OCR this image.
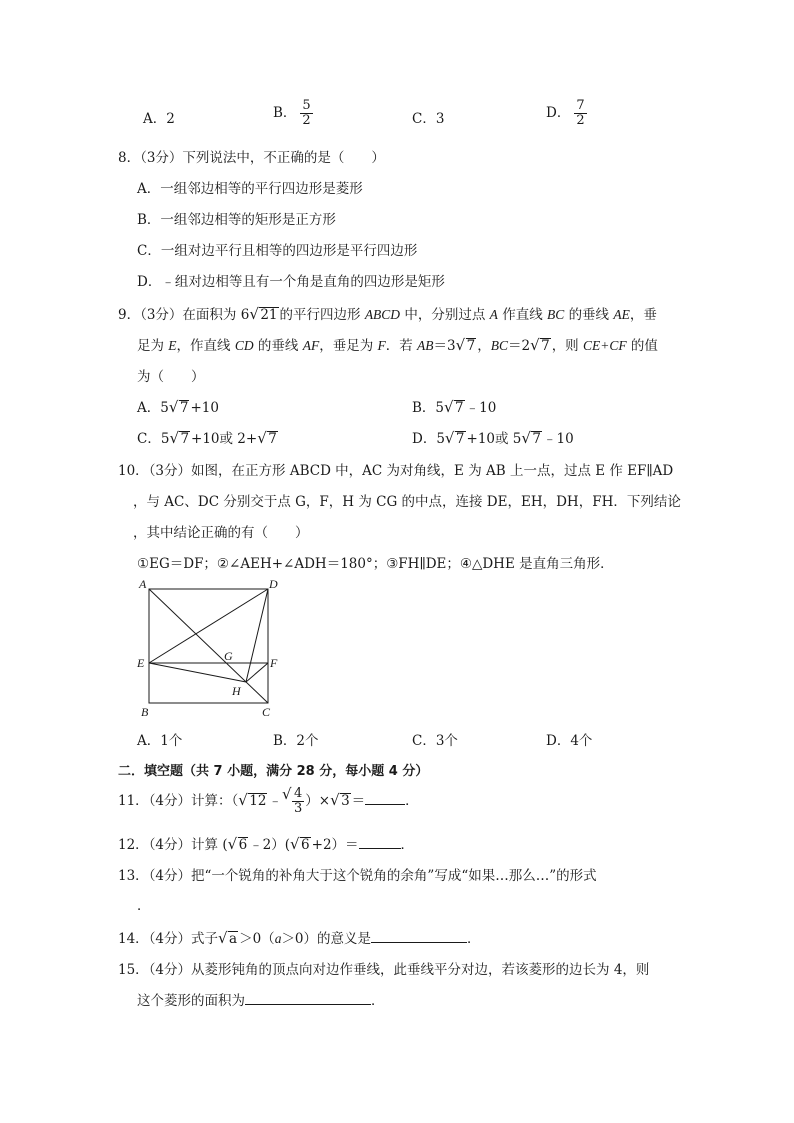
A．2	B． $\frac{5}{2}$	C．3	D． $\frac{7}{2}$
8．（3分）下列说法中，不正确的是（　　）
A．一组邻边相等的平行四边形是菱形
B．一组邻边相等的矩形是正方形
C．一组对边平行且相等的四边形是平行四边形
D．﹣组对边相等且有一个角是直角的四边形是矩形
9．（3分）在面积为 6 √ 21 的平行四边形 ABCD 中，分别过点 A 作直线 BC 的垂线 AE，垂
足为 E，作直线 CD 的垂线 AF，垂足为 F．若 AB＝3 √ 7 ，BC＝2 √ 7 ，则 CE+CF 的值
为（　　）
A．5 √ 7 +10	B．5 √ 7 ﹣10
C．5 √ 7 +10或 2+ √ 7	D．5 √ 7 +10或 5 √ 7 ﹣10
10．（3分）如图，在正方形 ABCD 中，AC 为对角线，E 为 AB 上一点，过点 E 作 EF∥AD
，与 AC、DC 分别交于点 G，F，H 为 CG 的中点，连接 DE，EH，DH，FH．下列结论
，其中结论正确的有（　　）
①EG＝DF；②∠AEH+∠ADH＝180°；③FH∥DE；④△DHE 是直角三角形．
A	D
E	G	F
H
B	C
A．1个	B．2个	C．3个	D．4个
二．填空题（共 7 小题，满分 28 分，每小题 4 分）
11．（4分）计算：（ √ 12 ﹣ √ $\frac{4}{3}$ ）× √ 3 ＝	．
12．（4分）计算 ( √ 6 ﹣2）( √ 6 +2）＝	．
13．（4分）把“一个锐角的补角大于这个锐角的余角”写成“如果…那么…”的形式
．
14．（4分）式子 √ a ＞0（a＞0）的意义是	．
15．（4分）从菱形钝角的顶点向对边作垂线，此垂线平分对边，若该菱形的边长为 4，则
这个菱形的面积为	．
